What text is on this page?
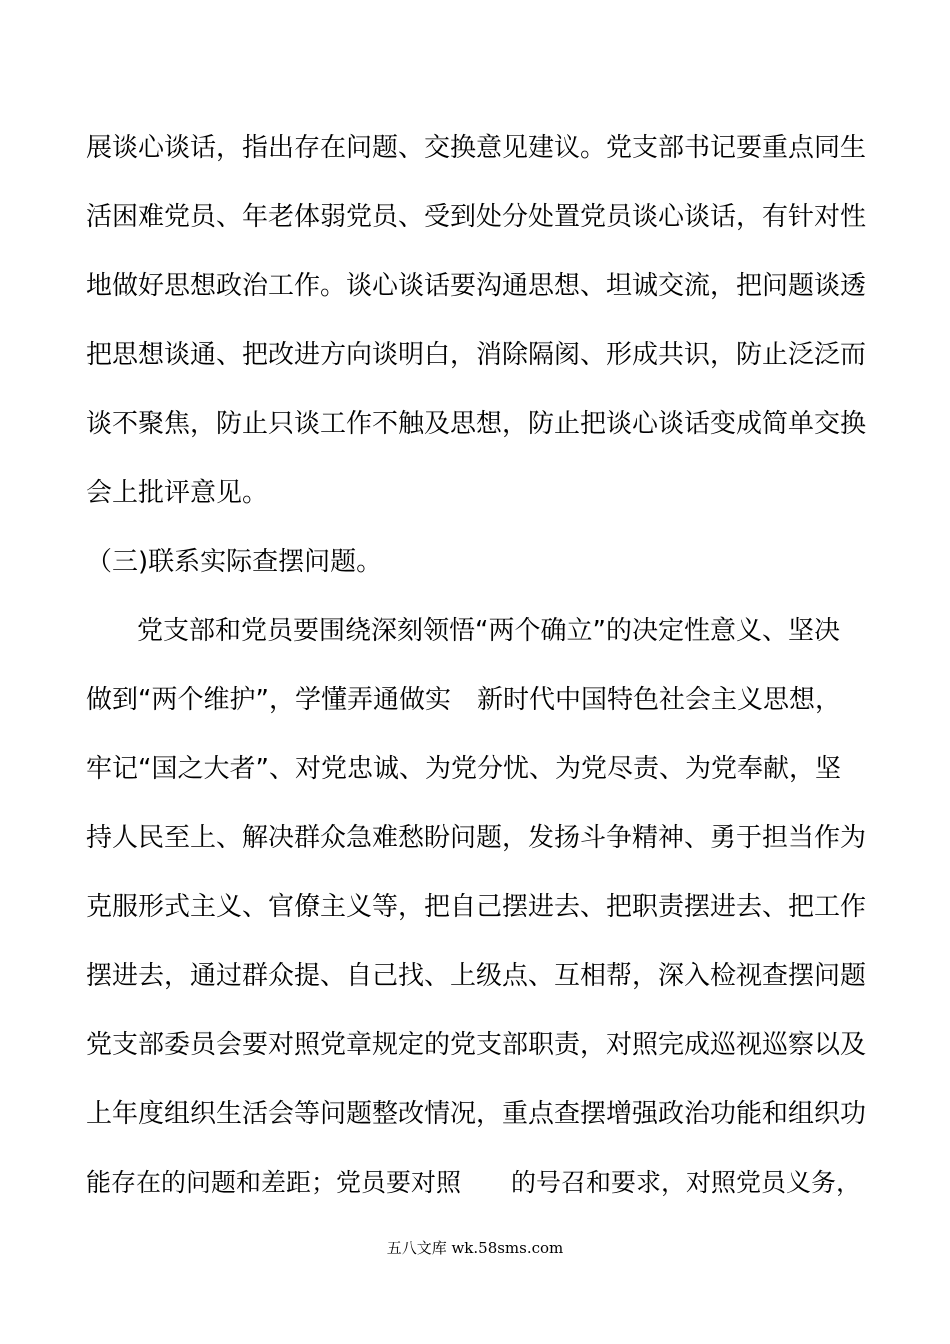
展谈心谈话，指出存在问题、交换意见建议。党支部书记要重点同生
活困难党员、年老体弱党员、受到处分处置党员谈心谈话，有针对性
地做好思想政治工作。谈心谈话要沟通思想、坦诚交流，把问题谈透
把思想谈通、把改进方向谈明白，消除隔阂、形成共识，防止泛泛而
谈不聚焦，防止只谈工作不触及思想，防止把谈心谈话变成简单交换
会上批评意见。
（三)联系实际查摆问题。
党支部和党员要围绕深刻领悟“两个确立”的决定性意义、坚决
做到“两个维护”，学懂弄通做实　新时代中国特色社会主义思想，
牢记“国之大者”、对党忠诚、为党分忧、为党尽责、为党奉献，坚
持人民至上、解决群众急难愁盼问题，发扬斗争精神、勇于担当作为
克服形式主义、官僚主义等，把自己摆进去、把职责摆进去、把工作
摆进去，通过群众提、自己找、上级点、互相帮，深入检视查摆问题
党支部委员会要对照党章规定的党支部职责，对照完成巡视巡察以及
上年度组织生活会等问题整改情况，重点查摆增强政治功能和组织功
能存在的问题和差距；党员要对照　　的号召和要求，对照党员义务，
五八文库 wk.58sms.com
